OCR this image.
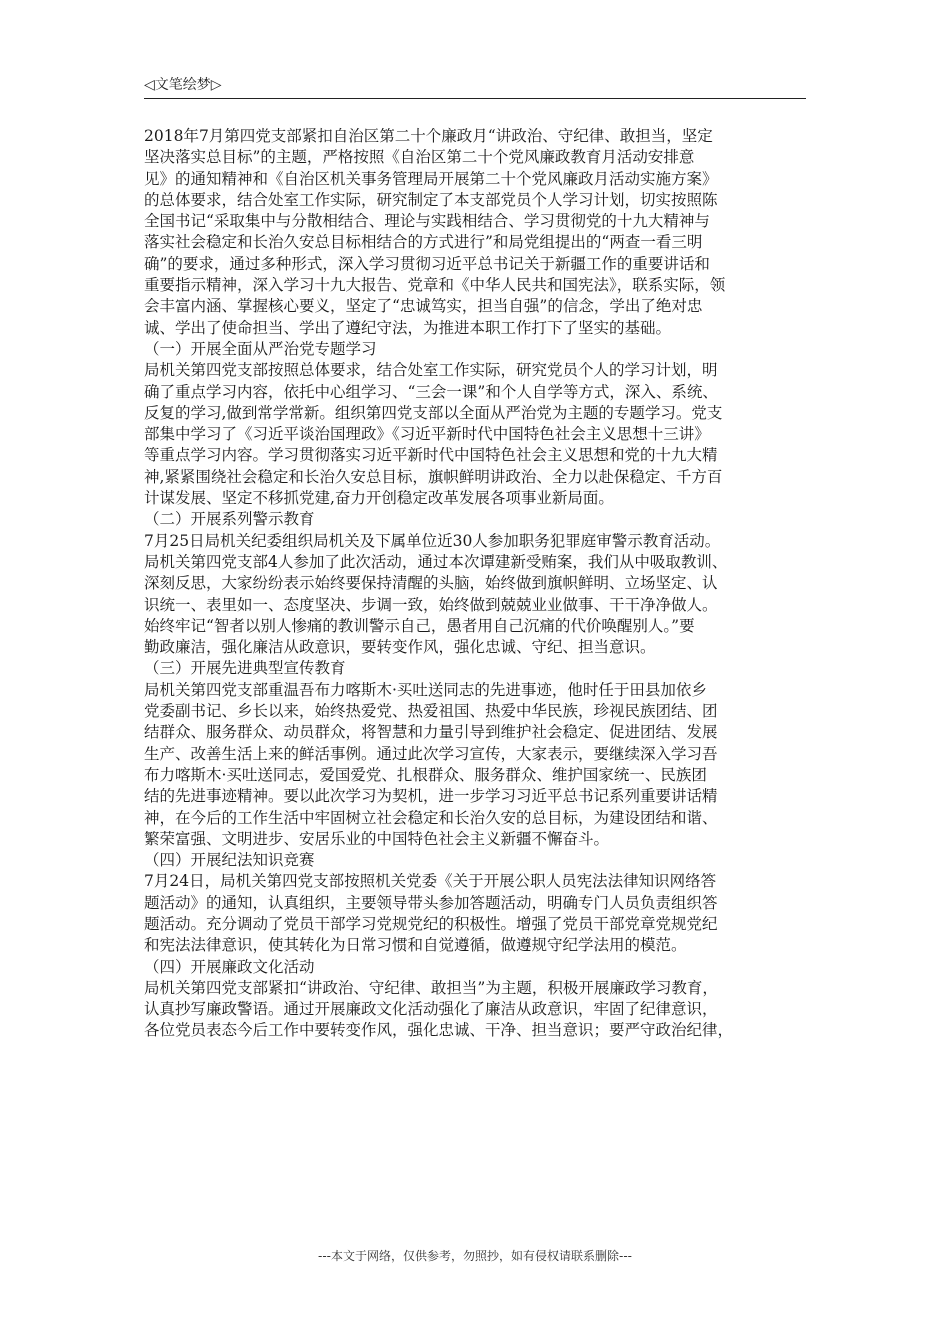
◁文笔绘梦▷
2018年7月第四党支部紧扣自治区第二十个廉政月“讲政治、守纪律、敢担当，坚定
坚决落实总目标”的主题，严格按照《自治区第二十个党风廉政教育月活动安排意
见》的通知精神和《自治区机关事务管理局开展第二十个党风廉政月活动实施方案》
的总体要求，结合处室工作实际，研究制定了本支部党员个人学习计划，切实按照陈
全国书记“采取集中与分散相结合、理论与实践相结合、学习贯彻党的十九大精神与
落实社会稳定和长治久安总目标相结合的方式进行”和局党组提出的“两查一看三明
确”的要求，通过多种形式，深入学习贯彻习近平总书记关于新疆工作的重要讲话和
重要指示精神，深入学习十九大报告、党章和《中华人民共和国宪法》，联系实际，领
会丰富内涵、掌握核心要义，坚定了“忠诚笃实，担当自强”的信念，学出了绝对忠
诚、学出了使命担当、学出了遵纪守法，为推进本职工作打下了坚实的基础。
（一）开展全面从严治党专题学习
局机关第四党支部按照总体要求，结合处室工作实际，研究党员个人的学习计划，明
确了重点学习内容，依托中心组学习、“三会一课”和个人自学等方式，深入、系统、
反复的学习,做到常学常新。组织第四党支部以全面从严治党为主题的专题学习。党支
部集中学习了《习近平谈治国理政》《习近平新时代中国特色社会主义思想十三讲》
等重点学习内容。学习贯彻落实习近平新时代中国特色社会主义思想和党的十九大精
神,紧紧围绕社会稳定和长治久安总目标，旗帜鲜明讲政治、全力以赴保稳定、千方百
计谋发展、坚定不移抓党建,奋力开创稳定改革发展各项事业新局面。
（二）开展系列警示教育
7月25日局机关纪委组织局机关及下属单位近30人参加职务犯罪庭审警示教育活动。
局机关第四党支部4人参加了此次活动，通过本次谭建新受贿案，我们从中吸取教训、
深刻反思，大家纷纷表示始终要保持清醒的头脑，始终做到旗帜鲜明、立场坚定、认
识统一、表里如一、态度坚决、步调一致，始终做到兢兢业业做事、干干净净做人。
始终牢记“智者以别人惨痛的教训警示自己，愚者用自己沉痛的代价唤醒别人。”要
勤政廉洁，强化廉洁从政意识，要转变作风，强化忠诚、守纪、担当意识。
（三）开展先进典型宣传教育
局机关第四党支部重温吾布力喀斯木·买吐送同志的先进事迹，他时任于田县加依乡
党委副书记、乡长以来，始终热爱党、热爱祖国、热爱中华民族，珍视民族团结、团
结群众、服务群众、动员群众，将智慧和力量引导到维护社会稳定、促进团结、发展
生产、改善生活上来的鲜活事例。通过此次学习宣传，大家表示，要继续深入学习吾
布力喀斯木·买吐送同志，爱国爱党、扎根群众、服务群众、维护国家统一、民族团
结的先进事迹精神。要以此次学习为契机，进一步学习习近平总书记系列重要讲话精
神，在今后的工作生活中牢固树立社会稳定和长治久安的总目标，为建设团结和谐、
繁荣富强、文明进步、安居乐业的中国特色社会主义新疆不懈奋斗。
（四）开展纪法知识竞赛
7月24日，局机关第四党支部按照机关党委《关于开展公职人员宪法法律知识网络答
题活动》的通知，认真组织，主要领导带头参加答题活动，明确专门人员负责组织答
题活动。充分调动了党员干部学习党规党纪的积极性。增强了党员干部党章党规党纪
和宪法法律意识，使其转化为日常习惯和自觉遵循，做遵规守纪学法用的模范。
（四）开展廉政文化活动
局机关第四党支部紧扣“讲政治、守纪律、敢担当”为主题，积极开展廉政学习教育，
认真抄写廉政警语。通过开展廉政文化活动强化了廉洁从政意识，牢固了纪律意识，
各位党员表态今后工作中要转变作风，强化忠诚、干净、担当意识；要严守政治纪律，
---本文于网络，仅供参考，勿照抄，如有侵权请联系删除---
